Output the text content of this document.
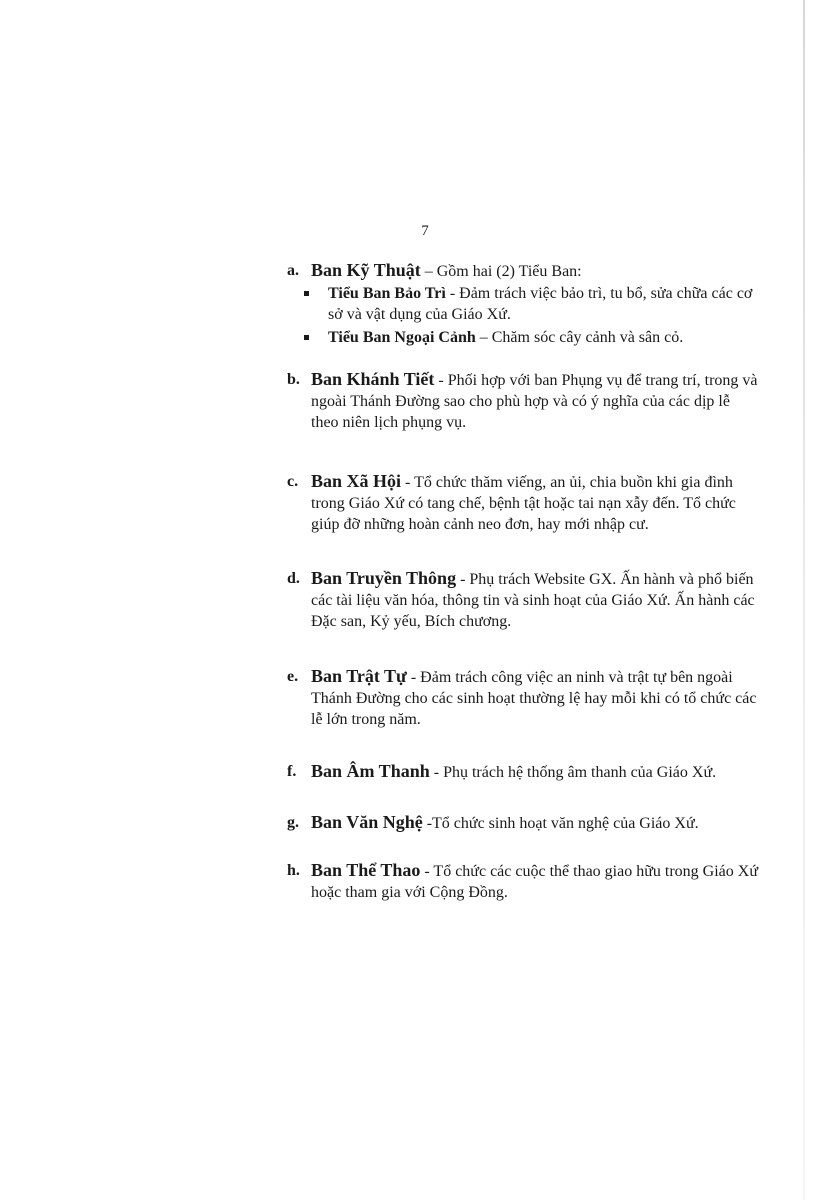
7
a. Ban Kỹ Thuật – Gồm hai (2) Tiểu Ban:
Tiểu Ban Bảo Trì - Đảm trách việc bảo trì, tu bổ, sửa chữa các cơ sở và vật dụng của Giáo Xứ.
Tiểu Ban Ngoại Cảnh – Chăm sóc cây cảnh và sân cỏ.
b. Ban Khánh Tiết - Phối hợp với ban Phụng vụ để trang trí, trong và ngoài Thánh Đường sao cho phù hợp và có ý nghĩa của các dịp lễ theo niên lịch phụng vụ.
c. Ban Xã Hội - Tổ chức thăm viếng, an ủi, chia buồn khi gia đình trong Giáo Xứ có tang chế, bệnh tật hoặc tai nạn xẫy đến. Tổ chức giúp đỡ những hoàn cảnh neo đơn, hay mới nhập cư.
d. Ban Truyền Thông - Phụ trách Website GX. Ấn hành và phổ biến các tài liệu văn hóa, thông tin và sinh hoạt của Giáo Xứ. Ấn hành các Đặc san, Kỷ yếu, Bích chương.
e. Ban Trật Tự - Đảm trách công việc an ninh và trật tự bên ngoài Thánh Đường cho các sinh hoạt thường lệ hay mỗi khi có tổ chức các lễ lớn trong năm.
f. Ban Âm Thanh - Phụ trách hệ thống âm thanh của Giáo Xứ.
g. Ban Văn Nghệ -Tổ chức sinh hoạt văn nghệ của Giáo Xứ.
h. Ban Thể Thao - Tổ chức các cuộc thể thao giao hữu trong Giáo Xứ hoặc tham gia với Cộng Đồng.
